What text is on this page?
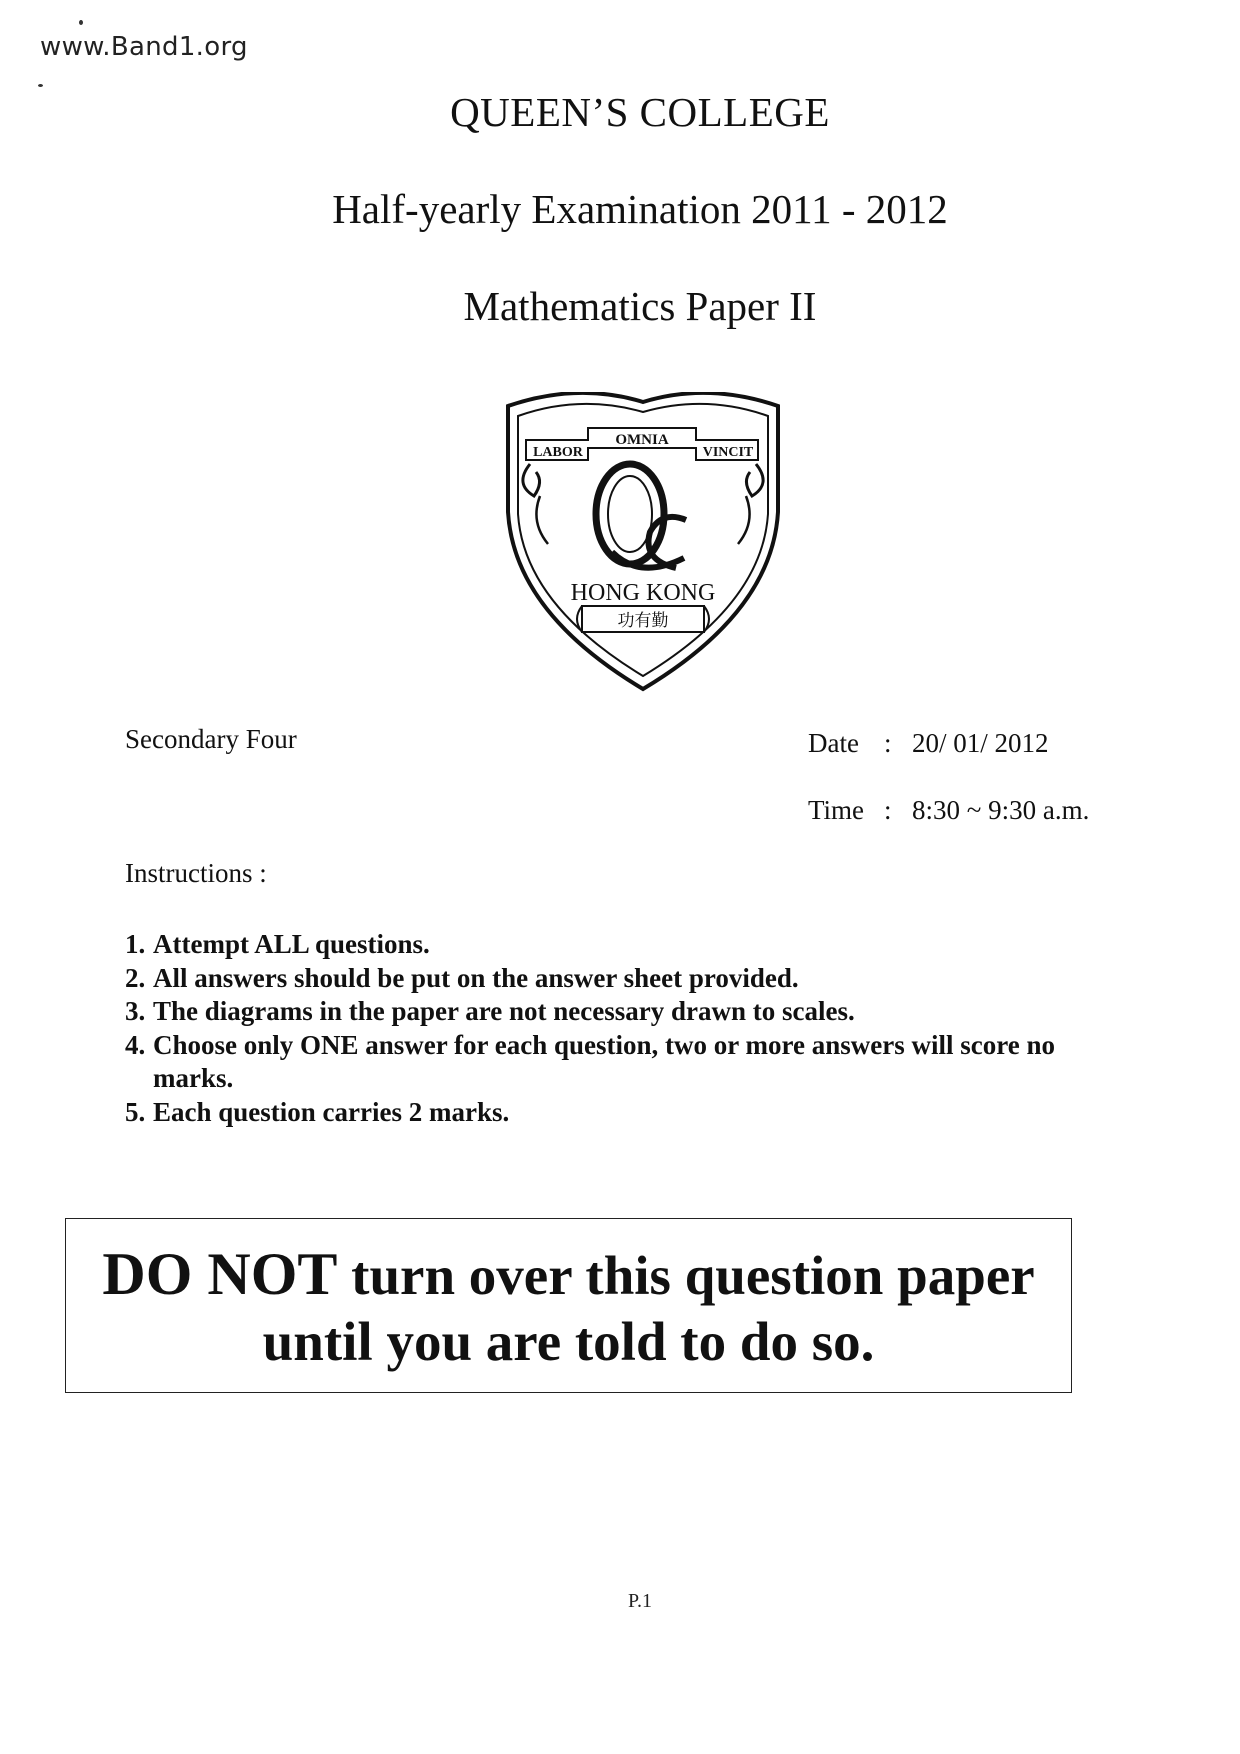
www.Band1.org
QUEEN’S COLLEGE
Half-yearly Examination 2011 - 2012
Mathematics Paper II
LABOR
OMNIA
VINCIT
HONG KONG
功有勤
Secondary Four	Date : 20/ 01/ 2012
Time : 8:30 ~ 9:30 a.m.
Instructions :
1. Attempt ALL questions.
2. All answers should be put on the answer sheet provided.
3. The diagrams in the paper are not necessary drawn to scales.
4. Choose only ONE answer for each question, two or more answers will score no marks.
5. Each question carries 2 marks.
DO NOT turn over this question paper
until you are told to do so.
P.1
